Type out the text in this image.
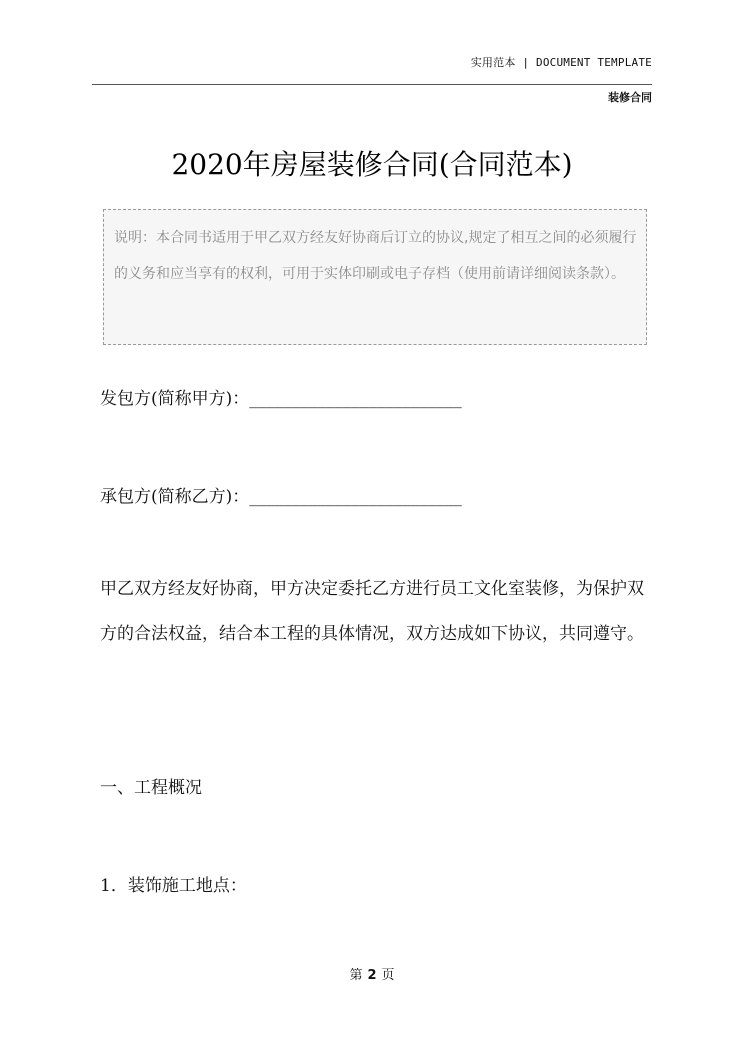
实用范本 | DOCUMENT TEMPLATE
装修合同
2020年房屋装修合同(合同范本)
说明：本合同书适用于甲乙双方经友好协商后订立的协议,规定了相互之间的必须履行的义务和应当享有的权利，可用于实体印刷或电子存档（使用前请详细阅读条款）。
发包方(简称甲方)：_________________________
承包方(简称乙方)：_________________________
甲乙双方经友好协商，甲方决定委托乙方进行员工文化室装修，为保护双方的合法权益，结合本工程的具体情况，双方达成如下协议，共同遵守。
一、工程概况
1．装饰施工地点：
第 2 页
